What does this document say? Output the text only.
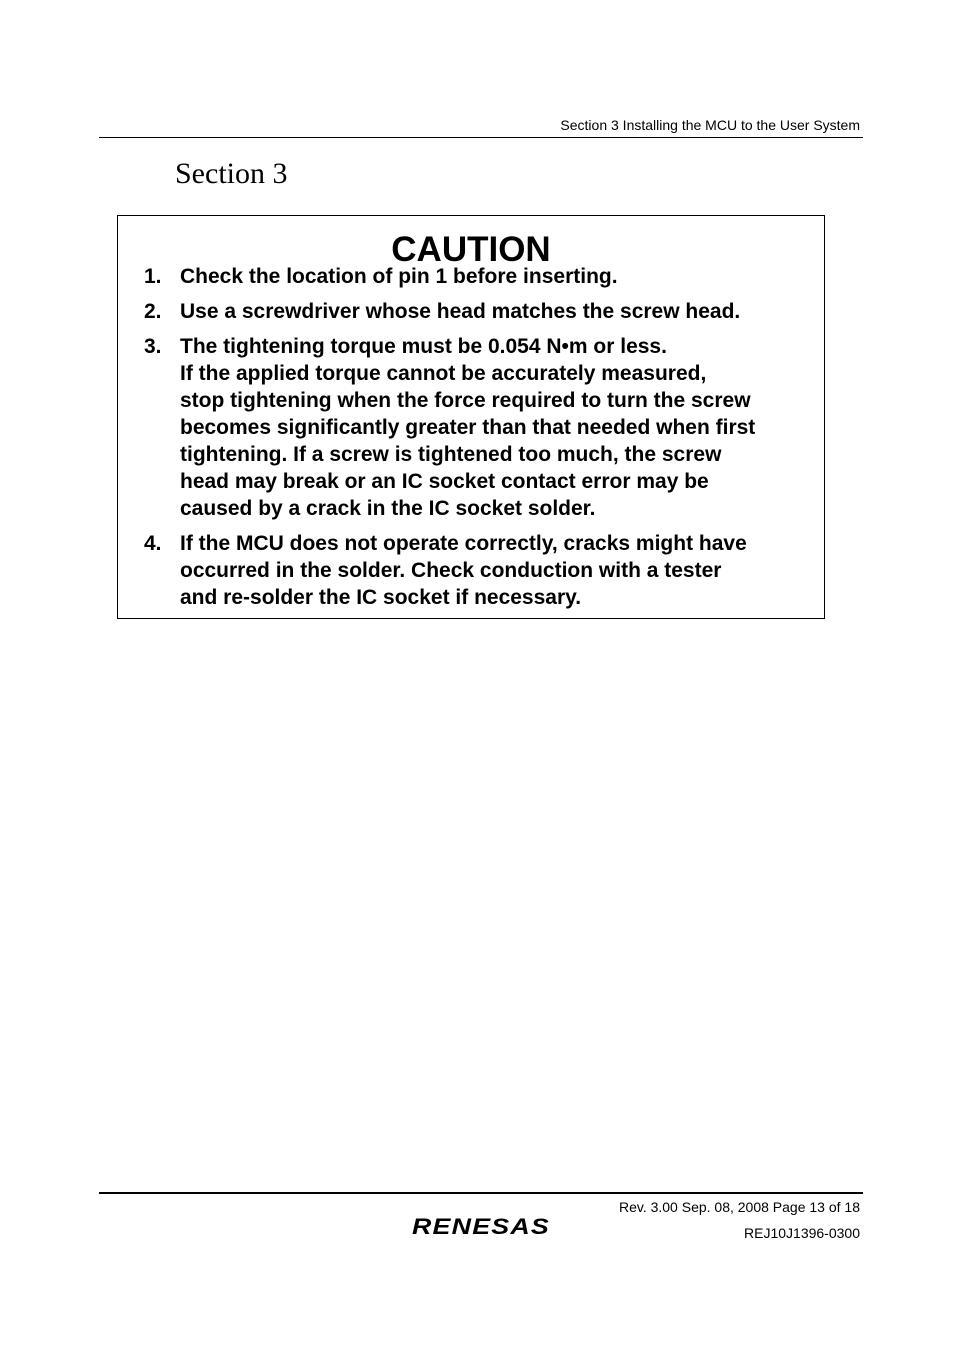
Section 3 Installing the MCU to the User System
Section 3
CAUTION
1. Check the location of pin 1 before inserting.
2. Use a screwdriver whose head matches the screw head.
3. The tightening torque must be 0.054 N•m or less.
If the applied torque cannot be accurately measured,
stop tightening when the force required to turn the screw
becomes significantly greater than that needed when first
tightening. If a screw is tightened too much, the screw
head may break or an IC socket contact error may be
caused by a crack in the IC socket solder.
4. If the MCU does not operate correctly, cracks might have
occurred in the solder. Check conduction with a tester
and re-solder the IC socket if necessary.
Rev. 3.00 Sep. 08, 2008 Page 13 of 18
REJ10J1396-0300
RENESAS
